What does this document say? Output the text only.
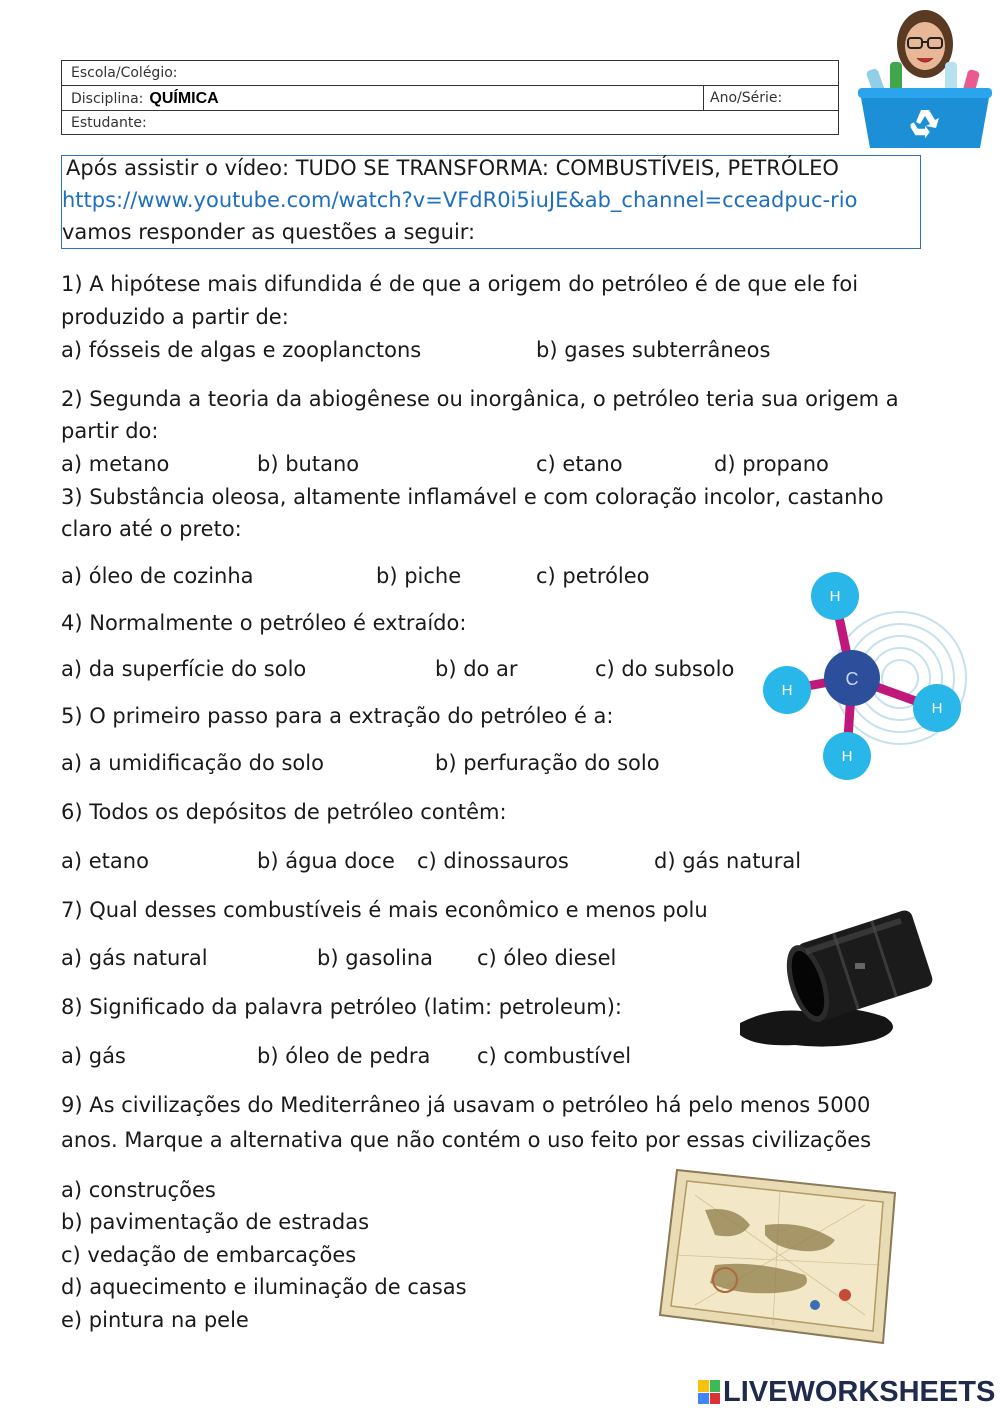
Escola/Colégio:
Disciplina: QUÍMICA	Ano/Série:
Estudante:
Após assistir o vídeo: TUDO SE TRANSFORMA: COMBUSTÍVEIS, PETRÓLEO
https://www.youtube.com/watch?v=VFdR0i5iuJE&ab_channel=cceadpuc-rio
vamos responder as questões a seguir:
1) A hipótese mais difundida é de que a origem do petróleo é de que ele foi
produzido a partir de:
a) fósseis de algas e zooplanctons	b) gases subterrâneos
2) Segunda a teoria da abiogênese ou inorgânica, o petróleo teria sua origem a
partir do:
a) metano	b) butano	c) etano	d) propano
3) Substância oleosa, altamente inflamável e com coloração incolor, castanho
claro até o preto:
a) óleo de cozinha	b) piche	c) petróleo
4) Normalmente o petróleo é extraído:
a) da superfície do solo	b) do ar	c) do subsolo
5) O primeiro passo para a extração do petróleo é a:
a) a umidificação do solo	b) perfuração do solo
C
H
H
H
H
6) Todos os depósitos de petróleo contêm:
a) etano	b) água doce c) dinossauros	d) gás natural
7) Qual desses combustíveis é mais econômico e menos polu
a) gás natural	b) gasolina c) óleo diesel
8) Significado da palavra petróleo (latim: petroleum):
a) gás	b) óleo de pedra c) combustível
9) As civilizações do Mediterrâneo já usavam o petróleo há pelo menos 5000
anos. Marque a alternativa que não contém o uso feito por essas civilizações
a) construções
b) pavimentação de estradas
c) vedação de embarcações
d) aquecimento e iluminação de casas
e) pintura na pele
LIVEWORKSHEETS
